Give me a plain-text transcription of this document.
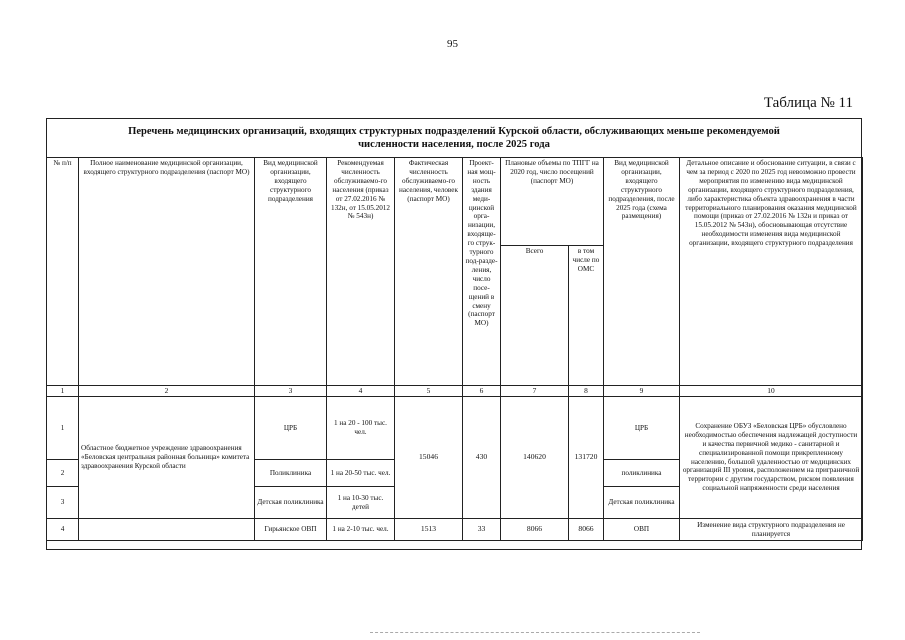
95
Таблица № 11
Перечень медицинских организаций, входящих структурных подразделений Курской области, обслуживающих меньше рекомендуемой
численности населения, после 2025 года
№ п/п	Полное наименование медицинской организации, входящего структурного подразделения (паспорт МО)	Вид медицинской организации, входящего структурного подразделения	Рекомендуемая численность обслуживаемо-го населения (приказ от 27.02.2016 № 132н, от 15.05.2012 № 543н)	Фактическая численность обслуживаемо-го населения, человек (паспорт МО)	Проект-ная мощ-ность здания меди-цинской орга-низации, входяще-го струк-турного под-разде-ления, число посе-щений в смену (паспорт МО)	Плановые объемы по ТПГГ на 2020 год, число посещений (паспорт МО)		Вид медицинской организации, входящего структурного подразделения, после 2025 года (схема размещения)	Детальное описание и обоснование ситуации, в связи с чем за период с 2020 по 2025 год невозможно провести мероприятия по изменению вида медицинской организации, входящего структурного подразделения, либо характеристика объекта здравоохранения в части территориального планирования оказания медицинской помощи (приказ от 27.02.2016 № 132н и приказ от 15.05.2012 № 543н), обосновывающая отсутствие необходимости изменения вида медицинской организации, входящего структурного подразделения
						Всего	в том числе по ОМС		
1	2	3	4	5	6	7	8	9	10
1	Областное бюджетное учреждение здравоохранения «Беловская центральная районная больница» комитета здравоохранения Курской области	ЦРБ	1 на 20 - 100 тыс. чел.	15046	430	140620	131720	ЦРБ	Сохранение ОБУЗ «Беловская ЦРБ» обусловлено необходимостью обеспечения надлежащей доступности и качества первичной медико - санитарной и специализированной помощи прикрепленному населению, большой удаленностью от медицинских организаций III уровня, расположением на приграничной территории с другим государством, риском появления социальной напряженности среди населения
2		Поликлиника	1 на 20-50 тыс. чел.					поликлиника	
3		Детская поликлиника	1 на 10-30 тыс. детей					Детская поликлиника	
4		Гирьянское ОВП	1 на 2-10 тыс. чел.	1513	33	8066	8066	ОВП	Изменение вида структурного подразделения не планируется
